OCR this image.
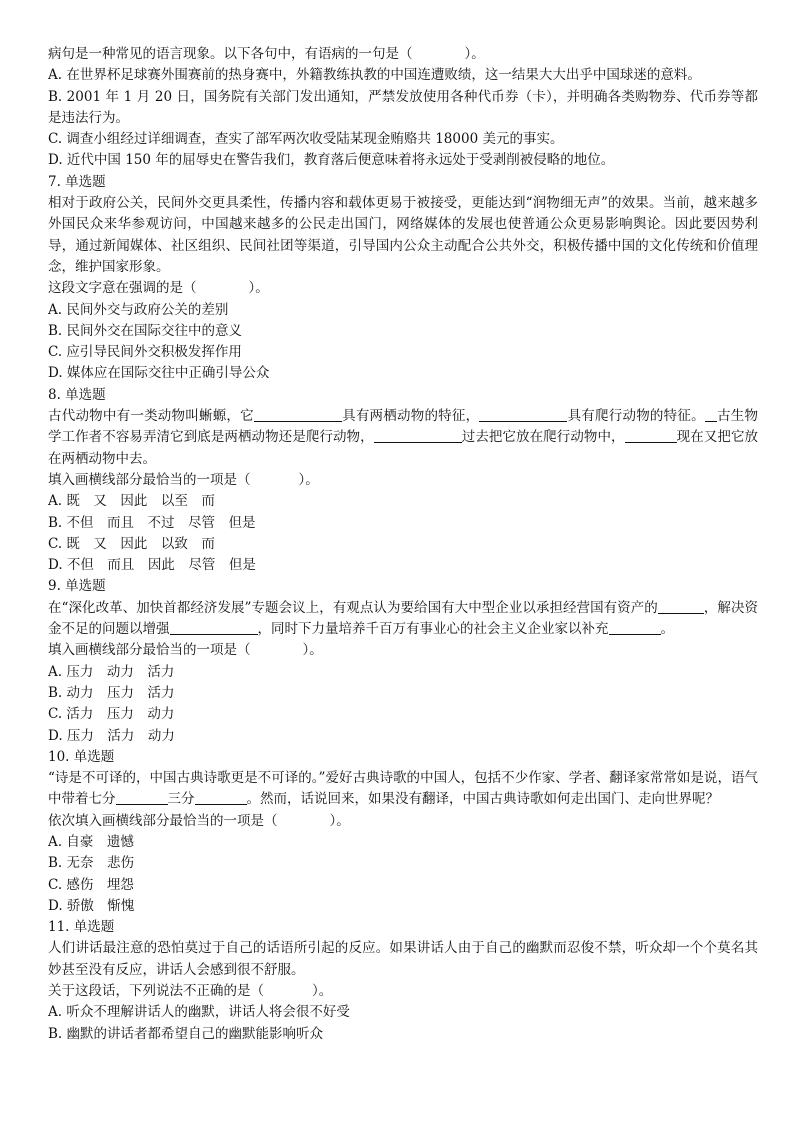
病句是一种常见的语言现象。以下各句中，有语病的一句是（	）。
A. 在世界杯足球赛外围赛前的热身赛中，外籍教练执教的中国连遭败绩，这一结果大大出乎中国球迷的意料。
B. 2001 年 1 月 20 日，国务院有关部门发出通知，严禁发放使用各种代币券（卡），并明确各类购物券、代币券等都是违法行为。
C. 调查小组经过详细调查，查实了部军两次收受陆某现金贿赂共 18000 美元的事实。
D. 近代中国 150 年的屈辱史在警告我们，教育落后便意味着将永远处于受剥削被侵略的地位。
7. 单选题
相对于政府公关，民间外交更具柔性，传播内容和载体更易于被接受，更能达到“润物细无声”的效果。当前，越来越多外国民众来华参观访问，中国越来越多的公民走出国门，网络媒体的发展也使普通公众更易影响舆论。因此要因势利导，通过新闻媒体、社区组织、民间社团等渠道，引导国内公众主动配合公共外交，积极传播中国的文化传统和价值理念，维护国家形象。
这段文字意在强调的是（	）。
A. 民间外交与政府公关的差别
B. 民间外交在国际交往中的意义
C. 应引导民间外交积极发挥作用
D. 媒体应在国际交往中正确引导公众
8. 单选题
古代动物中有一类动物叫蜥螈，它	具有两栖动物的特征，	具有爬行动物的特征。 古生物学工作者不容易弄清它到底是两栖动物还是爬行动物，	过去把它放在爬行动物中，	现在又把它放在两栖动物中去。
填入画横线部分最恰当的一项是（	）。
A. 既　又　因此　以至　而
B. 不但　而且　不过　尽管　但是
C. 既　又　因此　以致　而
D. 不但　而且　因此　尽管　但是
9. 单选题
在“深化改革、加快首都经济发展”专题会议上，有观点认为要给国有大中型企业以承担经营国有资产的	，解决资金不足的问题以增强	，同时下力量培养千百万有事业心的社会主义企业家以补充	。
填入画横线部分最恰当的一项是（	）。
A. 压力　动力　活力
B. 动力　压力　活力
C. 活力　压力　动力
D. 压力　活力　动力
10. 单选题
“诗是不可译的，中国古典诗歌更是不可译的。”爱好古典诗歌的中国人，包括不少作家、学者、翻译家常常如是说，语气中带着七分	三分	。然而，话说回来，如果没有翻译，中国古典诗歌如何走出国门、走向世界呢？
依次填入画横线部分最恰当的一项是（	）。
A. 自豪　遗憾
B. 无奈　悲伤
C. 感伤　埋怨
D. 骄傲　惭愧
11. 单选题
人们讲话最注意的恐怕莫过于自己的话语所引起的反应。如果讲话人由于自己的幽默而忍俊不禁，听众却一个个莫名其妙甚至没有反应，讲话人会感到很不舒服。
关于这段话，下列说法不正确的是（	）。
A. 听众不理解讲话人的幽默，讲话人将会很不好受
B. 幽默的讲话者都希望自己的幽默能影响听众
